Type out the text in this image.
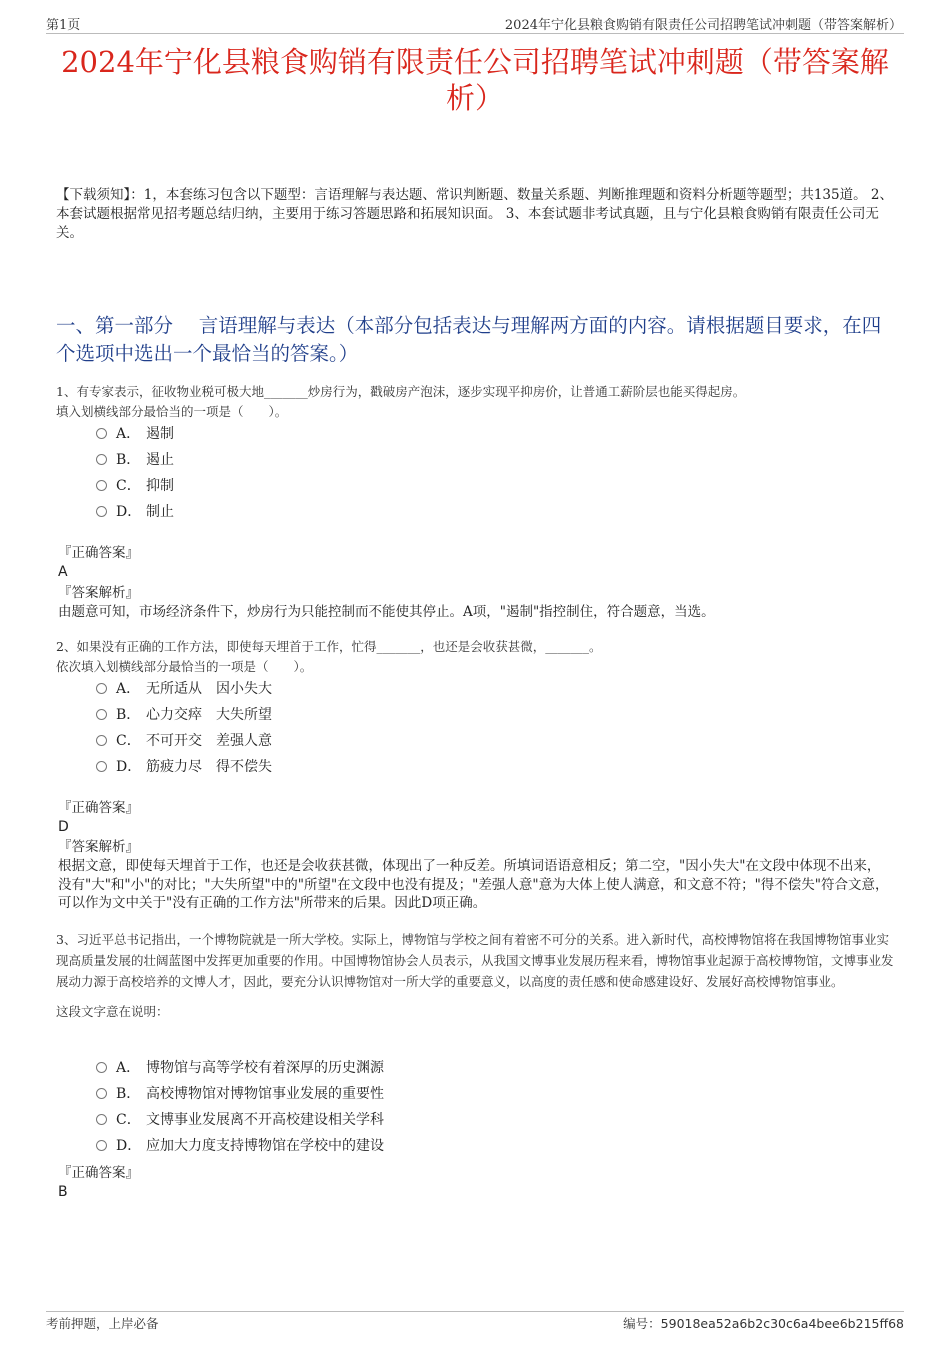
第1页	2024年宁化县粮食购销有限责任公司招聘笔试冲刺题（带答案解析）
2024年宁化县粮食购销有限责任公司招聘笔试冲刺题（带答案解析）
【下载须知】：1，本套练习包含以下题型：言语理解与表达题、常识判断题、数量关系题、判断推理题和资料分析题等题型；共135道。 2、本套试题根据常见招考题总结归纳，主要用于练习答题思路和拓展知识面。 3、本套试题非考试真题，且与宁化县粮食购销有限责任公司无关。
一、第一部分　 言语理解与表达（本部分包括表达与理解两方面的内容。请根据题目要求，在四个选项中选出一个最恰当的答案。）

1、有专家表示，征收物业税可极大地_______炒房行为，戳破房产泡沫，逐步实现平抑房价，让普通工薪阶层也能买得起房。

填入划横线部分最恰当的一项是（　　）。

A． 遏制
B． 遏止
C． 抑制
D． 制止
『正确答案』
A
『答案解析』
由题意可知，市场经济条件下，炒房行为只能控制而不能使其停止。A项，"遏制"指控制住，符合题意，当选。

2、如果没有正确的工作方法，即使每天埋首于工作，忙得_______，也还是会收获甚微，_______。

依次填入划横线部分最恰当的一项是（　　）。

A． 无所适从　因小失大
B． 心力交瘁　大失所望
C． 不可开交　差强人意
D． 筋疲力尽　得不偿失
『正确答案』
D
『答案解析』
根据文意，即使每天埋首于工作，也还是会收获甚微，体现出了一种反差。所填词语语意相反；第二空，"因小失大"在文段中体现不出来，没有"大"和"小"的对比；"大失所望"中的"所望"在文段中也没有提及；"差强人意"意为大体上使人满意，和文意不符；"得不偿失"符合文意，可以作为文中关于"没有正确的工作方法"所带来的后果。因此D项正确。

3、习近平总书记指出，一个博物院就是一所大学校。实际上，博物馆与学校之间有着密不可分的关系。进入新时代，高校博物馆将在我国博物馆事业实现高质量发展的壮阔蓝图中发挥更加重要的作用。中国博物馆协会人员表示，从我国文博事业发展历程来看，博物馆事业起源于高校博物馆，文博事业发展动力源于高校培养的文博人才，因此，要充分认识博物馆对一所大学的重要意义，以高度的责任感和使命感建设好、发展好高校博物馆事业。

这段文字意在说明：

A． 博物馆与高等学校有着深厚的历史渊源
B． 高校博物馆对博物馆事业发展的重要性
C． 文博事业发展离不开高校建设相关学科
D． 应加大力度支持博物馆在学校中的建设
『正确答案』
B
考前押题，上岸必备	编号：59018ea52a6b2c30c6a4bee6b215ff68
